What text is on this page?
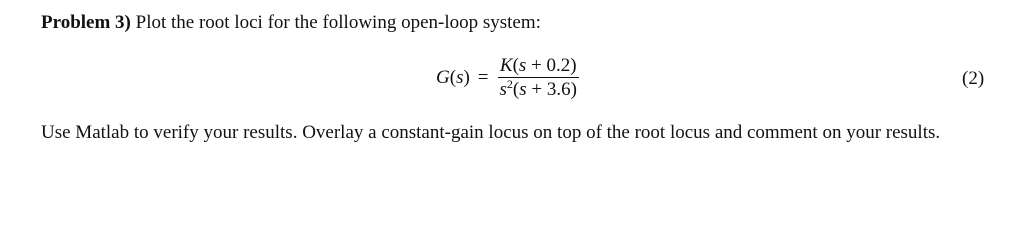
Problem 3) Plot the root loci for the following open-loop system:
$G(s) = \frac{K(s + 0.2)}{s^2(s + 3.6)}$	(2)
Use Matlab to verify your results. Overlay a constant-gain locus on top of the root locus and comment on your results.
